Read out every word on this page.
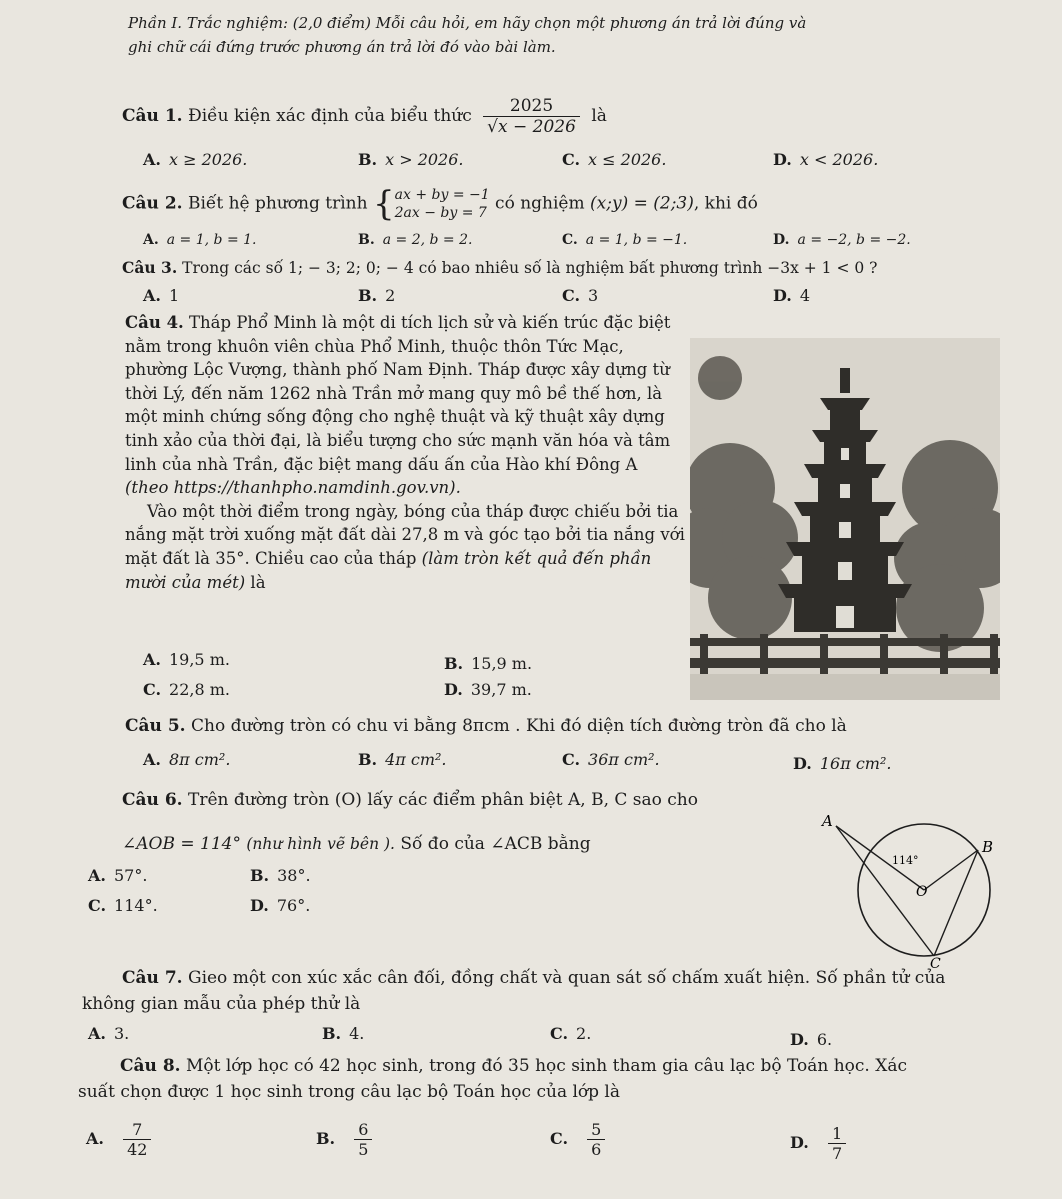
Phần I. Trắc nghiệm: (2,0 điểm) Mỗi câu hỏi, em hãy chọn một phương án trả lời đúng và
ghi chữ cái đứng trước phương án trả lời đó vào bài làm.
Câu 1. Điều kiện xác định của biểu thức $\frac{2025}{√x - 2026}$ là
A. x ≥ 2026.	B. x > 2026.	C. x ≤ 2026.	D. x < 2026.
Câu 2. Biết hệ phương trình { ax + by = −1
2ax − by = 7 có nghiệm (x;y) = (2;3), khi đó
A. a = 1, b = 1.	B. a = 2, b = 2.	C. a = 1, b = −1.	D. a = −2, b = −2.
Câu 3. Trong các số 1; − 3; 2; 0; − 4 có bao nhiêu số là nghiệm bất phương trình −3x + 1 < 0 ?
A. 1	B. 2	C. 3	D. 4
Câu 4. Tháp Phổ Minh là một di tích lịch sử và kiến trúc đặc biệt nằm trong khuôn viên chùa Phổ Minh, thuộc thôn Tức Mạc, phường Lộc Vượng, thành phố Nam Định. Tháp được xây dựng từ thời Lý, đến năm 1262 nhà Trần mở mang quy mô bề thế hơn, là một minh chứng sống động cho nghệ thuật và kỹ thuật xây dựng tinh xảo của thời đại, là biểu tượng cho sức mạnh văn hóa và tâm linh của nhà Trần, đặc biệt mang dấu ấn của Hào khí Đông A (theo https://thanhpho.namdinh.gov.vn).
Vào một thời điểm trong ngày, bóng của tháp được chiếu bởi tia nắng mặt trời xuống mặt đất dài 27,8 m và góc tạo bởi tia nắng với mặt đất là 35°. Chiều cao của tháp (làm tròn kết quả đến phần mười của mét) là
A. 19,5 m.	B. 15,9 m.
C. 22,8 m.	D. 39,7 m.
Câu 5. Cho đường tròn có chu vi bằng 8πcm . Khi đó diện tích đường tròn đã cho là
A. 8π cm².	B. 4π cm².	C. 36π cm².	D. 16π cm².
Câu 6. Trên đường tròn (O) lấy các điểm phân biệt A, B, C sao cho
∠AOB = 114° (như hình vẽ bên ). Số đo của ∠ACB bằng
A. 57°.	B. 38°.
C. 114°.	D. 76°.
A
B
O
C
114°
Câu 7. Gieo một con xúc xắc cân đối, đồng chất và quan sát số chấm xuất hiện. Số phần tử của
không gian mẫu của phép thử là
A. 3.	B. 4.	C. 2.	D. 6.
Câu 8. Một lớp học có 42 học sinh, trong đó 35 học sinh tham gia câu lạc bộ Toán học. Xác
suất chọn được 1 học sinh trong câu lạc bộ Toán học của lớp là
A. $\frac{7}{42}$	B. $\frac{6}{5}$	C. $\frac{5}{6}$	D. $\frac{1}{7}$
